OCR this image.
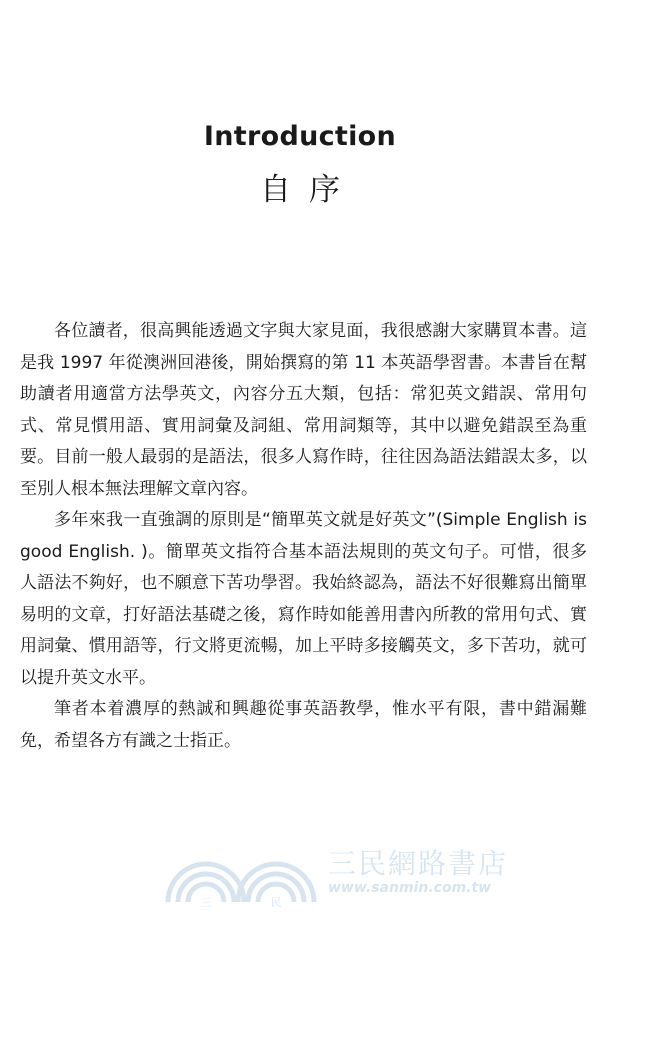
Introduction
自序

各位讀者，很高興能透過文字與大家見面，我很感謝大家購買本書。這是我 1997 年從澳洲回港後，開始撰寫的第 11 本英語學習書。本書旨在幫助讀者用適當方法學英文，內容分五大類，包括：常犯英文錯誤、常用句式、常見慣用語、實用詞彙及詞組、常用詞類等，其中以避免錯誤至為重要。目前一般人最弱的是語法，很多人寫作時，往往因為語法錯誤太多，以至別人根本無法理解文章內容。

多年來我一直強調的原則是“簡單英文就是好英文”(Simple English is good English. )。簡單英文指符合基本語法規則的英文句子。可惜，很多人語法不夠好，也不願意下苦功學習。我始終認為，語法不好很難寫出簡單易明的文章，打好語法基礎之後，寫作時如能善用書內所教的常用句式、實用詞彙、慣用語等，行文將更流暢，加上平時多接觸英文，多下苦功，就可以提升英文水平。

筆者本着濃厚的熱誠和興趣從事英語教學，惟水平有限，書中錯漏難免，希望各方有識之士指正。

三	民
三民網路書店
www.sanmin.com.tw
